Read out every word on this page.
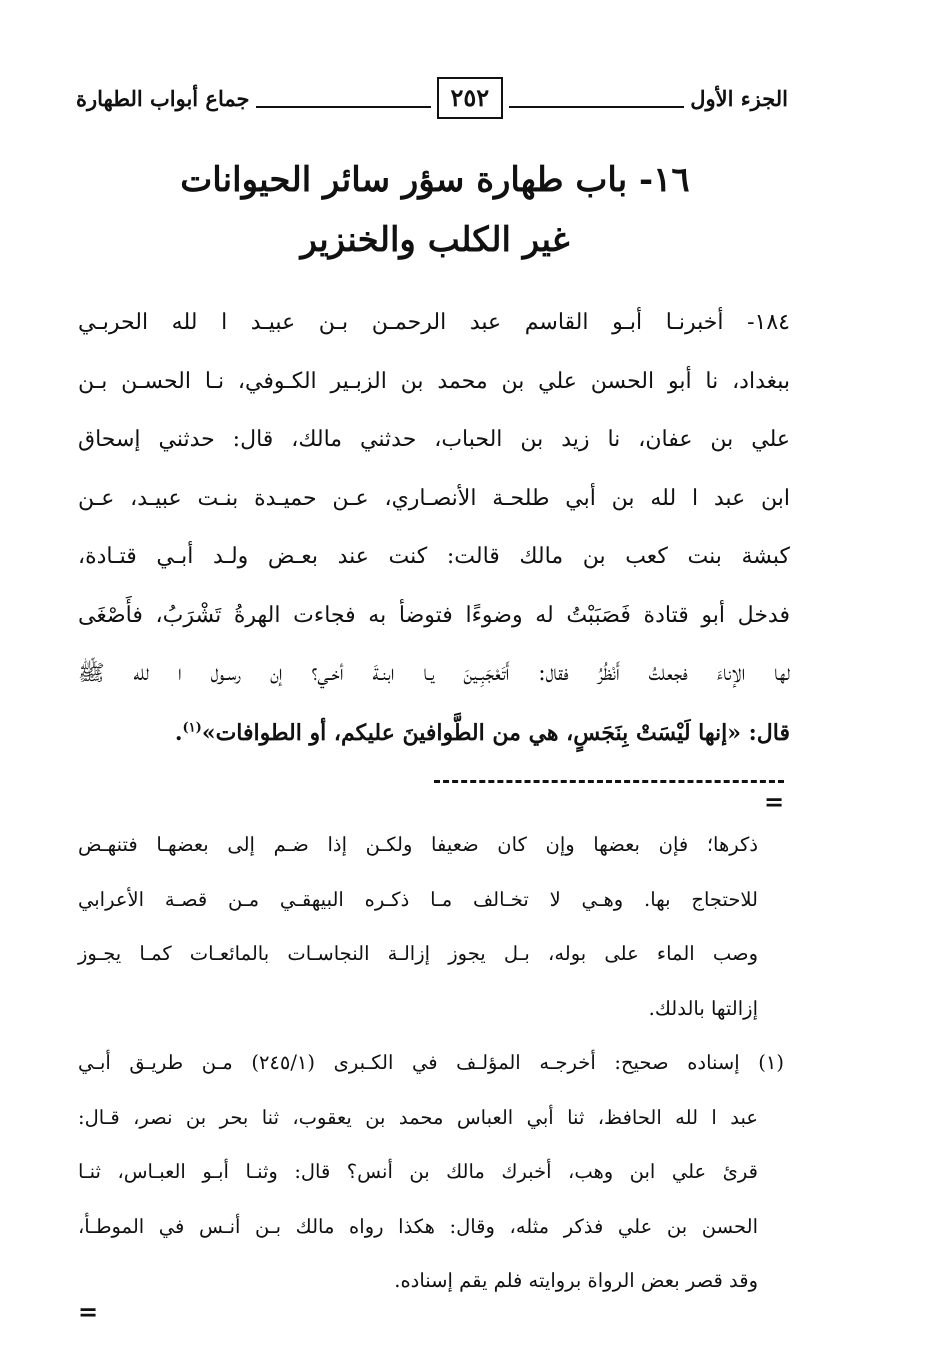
الجزء الأول
٢٥٢
جماع أبواب الطهارة
١٦- باب طهارة سؤر سائر الحيوانات
غير الكلب والخنزير
١٨٤- أخبرنـا أبـو القاسم عبد الرحمـن بـن عبيـد ا لله الحربـي
ببغداد، نا أبو الحسن علي بن محمد بن الزبـير الكـوفي، نـا الحسـن بـن
علي بن عفان، نا زيد بن الحباب، حدثني مالك، قال: حدثني إسحاق
ابن عبد ا لله بن أبي طلحـة الأنصـاري، عـن حميـدة بنـت عبيـد، عـن
كبشة بنت كعب بن مالك قالت: كنت عند بعـض ولـد أبـي قتـادة،
فدخل أبو قتادة فَصَبَبْتُ له وضوءًا فتوضأ به فجاءت الهرةُ تَشْرَبُ، فأَصْغَى
لها الإناءَ فجعلتُ أَنْظُرُ فقال: أَتَعْجَبِـينَ يـا ابنـةَ أخـي؟ إن رسـول ا لله ﷺ
قال: «إنها لَيْسَتْ بِنَجَسٍ، هي من الطَّوافينَ عليكم، أو الطوافات»$^{(١)}$.
=
ذكرها؛ فإن بعضها وإن كان ضعيفا ولكـن إذا ضـم إلى بعضهـا فتنهـض
للاحتجاج بها. وهـي لا تخـالف مـا ذكـره البيهقـي مـن قصـة الأعرابي
وصب الماء على بوله، بـل يجوز إزالـة النجاسـات بالمائعـات كمـا يجـوز
إزالتها بالدلك.
(١) إسناده صحيح: أخرجـه المؤلـف في الكـبرى (٢٤٥/١) مـن طريـق أبـي
عبد ا لله الحافظ، ثنا أبي العباس محمد بن يعقوب، ثنا بحر بن نصر، قـال:
قرئ علي ابن وهب، أخبرك مالك بن أنس؟ قال: وثنـا أبـو العبـاس، ثنـا
الحسن بن علي فذكر مثله، وقال: هكذا رواه مالك بـن أنـس في الموطـأ،
وقد قصر بعض الرواة بروايته فلم يقم إسناده.
=
